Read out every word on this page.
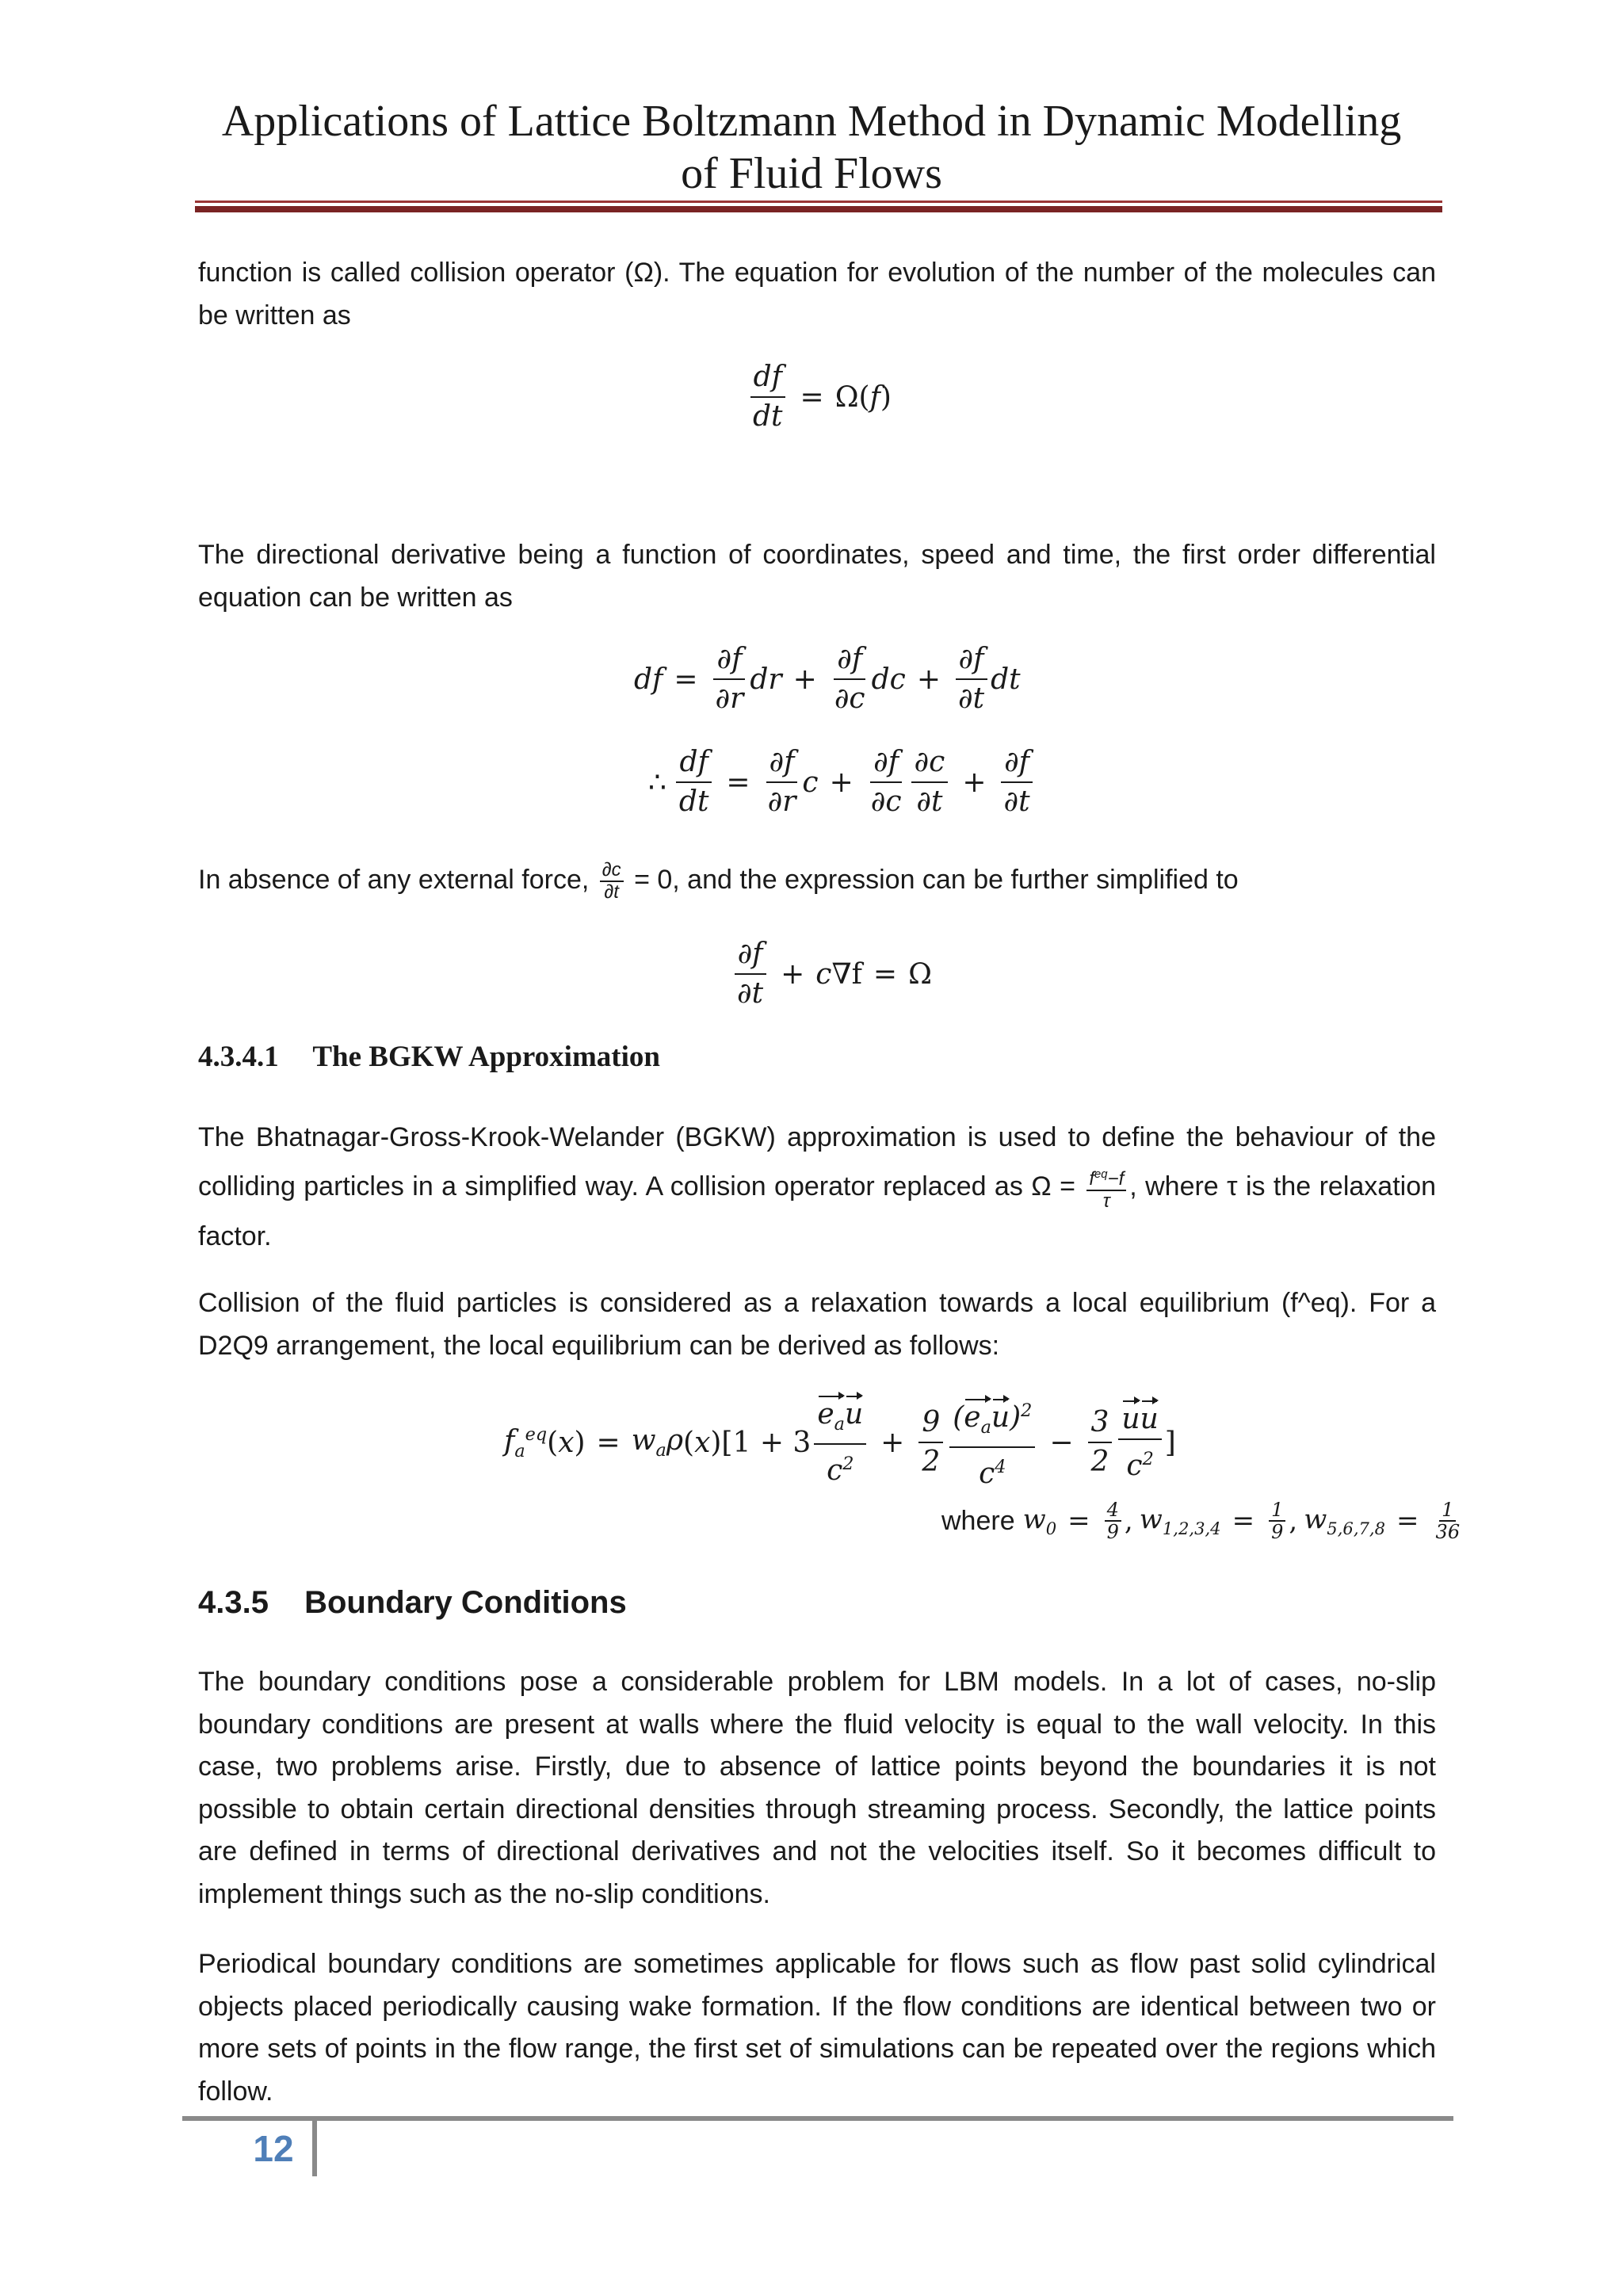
Applications of Lattice Boltzmann Method in Dynamic Modelling
of Fluid Flows

function is called collision operator (Ω). The equation for evolution of the number of the molecules can be written as

$\frac{df}{dt} = \Omega(f)$

The directional derivative being a function of coordinates, speed and time, the first order differential equation can be written as

df = $\frac{\partial f}{\partial r}$ dr + $\frac{\partial f}{\partial c}$ dc + $\frac{\partial f}{\partial t}$ dt
∴ $\frac{df}{dt} = \frac{\partial f}{\partial r}$ $c + \frac{\partial f}{\partial c} \frac{\partial c}{\partial t} + \frac{\partial f}{\partial t}$

In absence of any external force, $\frac{\partial c}{\partial t} = 0$, and the expression can be further simplified to

$\frac{\partial f}{\partial t} + c$ ∇f = Ω
4.3.4.1 The BGKW Approximation

The Bhatnagar-Gross-Krook-Welander (BGKW) approximation is used to define the behaviour of the colliding particles in a simplified way. A collision operator replaced as $\Omega = \frac{f^{eq}-f}{\tau}$ , where τ is the relaxation factor.

Collision of the fluid particles is considered as a relaxation towards a local equilibrium (f^eq). For a D2Q9 arrangement, the local equilibrium can be derived as follows:

$f_a^{eq}$ $(x) = w_a\rho$ $(x)[1 + 3 \frac{e_au}{c^2} + \frac{9}{2} \frac{(e_au)^2}{c^4} - \frac{3}{2} \frac{uu}{c^2}$ ]
where $w_0 = \frac{4}{9}$ , $w_{1,2,3,4} = \frac{1}{9}$ , $w_{5,6,7,8} = \frac{1}{36}$
4.3.5 Boundary Conditions

The boundary conditions pose a considerable problem for LBM models. In a lot of cases, no-slip boundary conditions are present at walls where the fluid velocity is equal to the wall velocity. In this case, two problems arise. Firstly, due to absence of lattice points beyond the boundaries it is not possible to obtain certain directional densities through streaming process. Secondly, the lattice points are defined in terms of directional derivatives and not the velocities itself. So it becomes difficult to implement things such as the no-slip conditions.

Periodical boundary conditions are sometimes applicable for flows such as flow past solid cylindrical objects placed periodically causing wake formation. If the flow conditions are identical between two or more sets of points in the flow range, the first set of simulations can be repeated over the regions which follow.

12
